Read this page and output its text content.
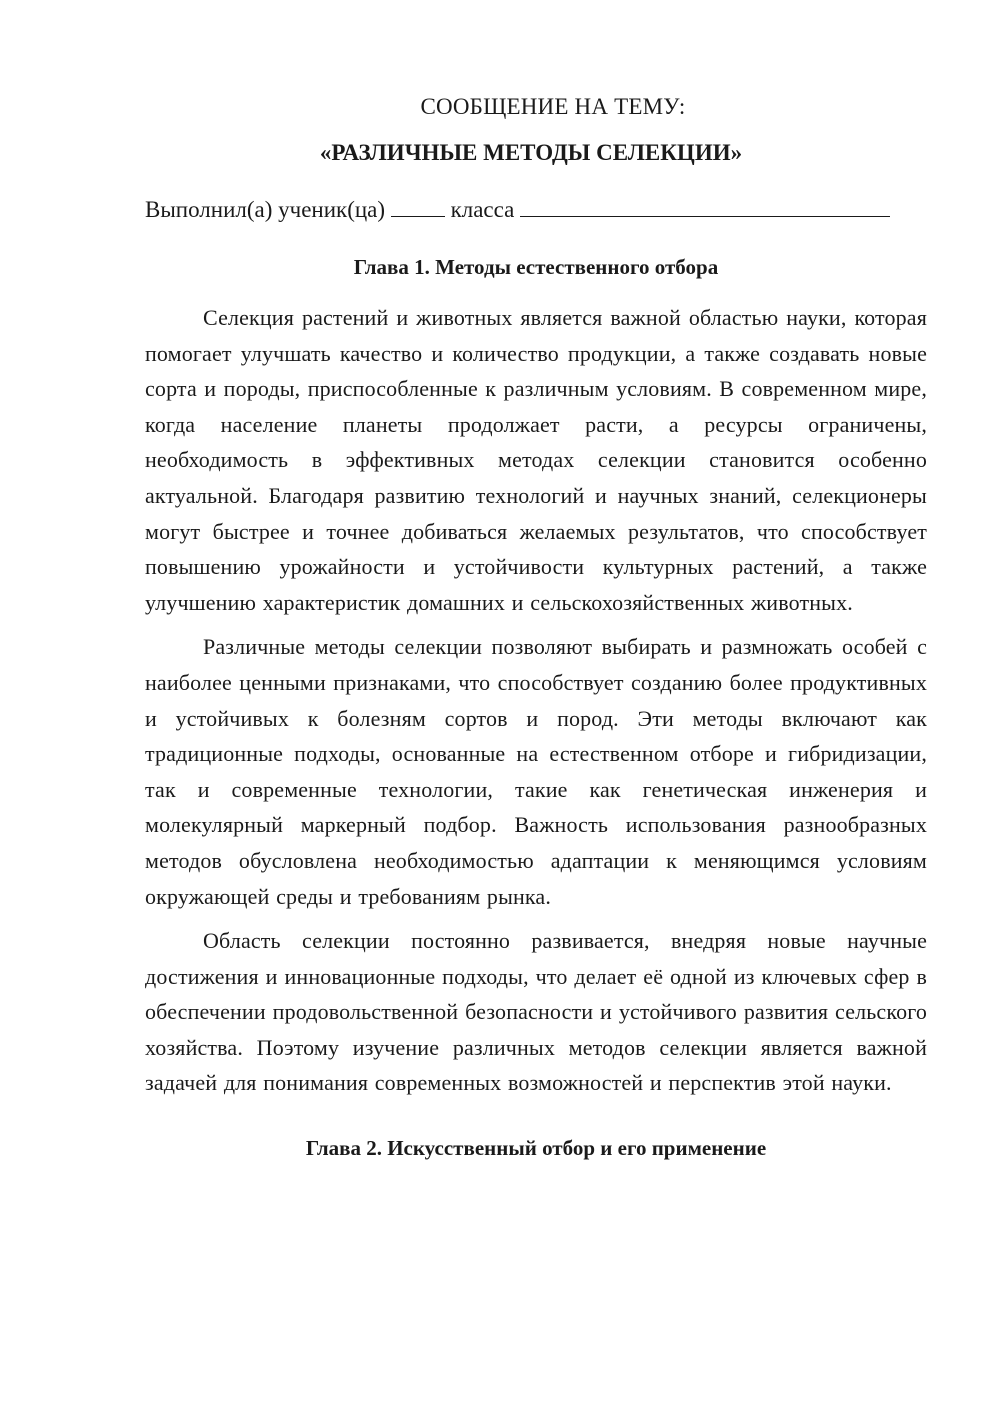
СООБЩЕНИЕ НА ТЕМУ:

«РАЗЛИЧНЫЕ МЕТОДЫ СЕЛЕКЦИИ»

Выполнил(а) ученик(ца)	класса

Глава 1. Методы естественного отбора

Селекция растений и животных является важной областью науки, которая помогает улучшать качество и количество продукции, а также создавать новые сорта и породы, приспособленные к различным условиям. В современном мире, когда население планеты продолжает расти, а ресурсы ограничены, необходимость в эффективных методах селекции становится особенно актуальной. Благодаря развитию технологий и научных знаний, селекционеры могут быстрее и точнее добиваться желаемых результатов, что способствует повышению урожайности и устойчивости культурных растений, а также улучшению характеристик домашних и сельскохозяйственных животных.

Различные методы селекции позволяют выбирать и размножать особей с наиболее ценными признаками, что способствует созданию более продуктивных и устойчивых к болезням сортов и пород. Эти методы включают как традиционные подходы, основанные на естественном отборе и гибридизации, так и современные технологии, такие как генетическая инженерия и молекулярный маркерный подбор. Важность использования разнообразных методов обусловлена необходимостью адаптации к меняющимся условиям окружающей среды и требованиям рынка.

Область селекции постоянно развивается, внедряя новые научные достижения и инновационные подходы, что делает её одной из ключевых сфер в обеспечении продовольственной безопасности и устойчивого развития сельского хозяйства. Поэтому изучение различных методов селекции является важной задачей для понимания современных возможностей и перспектив этой науки.

Глава 2. Искусственный отбор и его применение
